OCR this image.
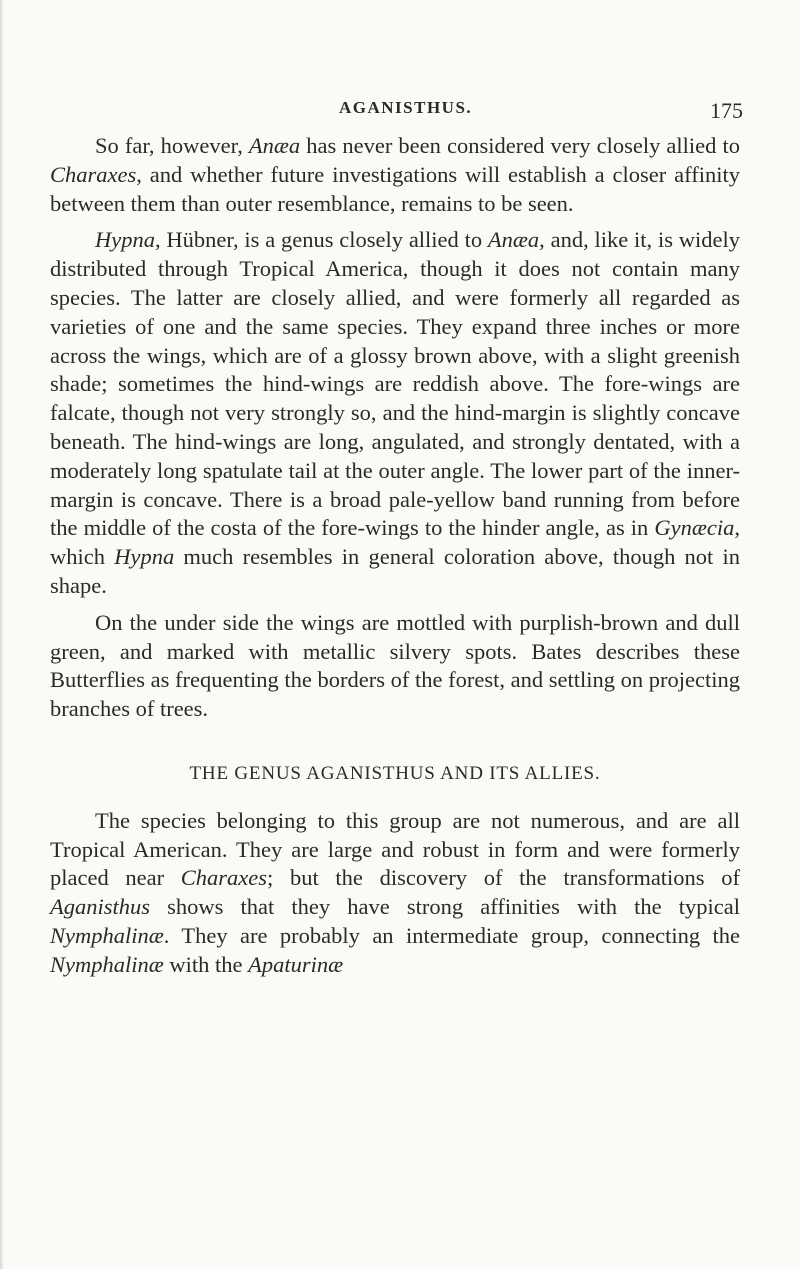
AGANISTHUS.	175

So far, however, Anæa has never been considered very closely allied to Charaxes, and whether future investigations will establish a closer affinity between them than outer resemblance, remains to be seen.

Hypna, Hübner, is a genus closely allied to Anæa, and, like it, is widely distributed through Tropical America, though it does not contain many species. The latter are closely allied, and were formerly all regarded as varieties of one and the same species. They expand three inches or more across the wings, which are of a glossy brown above, with a slight greenish shade; sometimes the hind-wings are reddish above. The fore-wings are falcate, though not very strongly so, and the hind-margin is slightly concave beneath. The hind-wings are long, angulated, and strongly dentated, with a moderately long spatulate tail at the outer angle. The lower part of the inner-margin is concave. There is a broad pale-yellow band running from before the middle of the costa of the fore-wings to the hinder angle, as in Gynæcia, which Hypna much resembles in general coloration above, though not in shape.

On the under side the wings are mottled with purplish-brown and dull green, and marked with metallic silvery spots. Bates describes these Butterflies as frequenting the borders of the forest, and settling on projecting branches of trees.

THE GENUS AGANISTHUS AND ITS ALLIES.

The species belonging to this group are not numerous, and are all Tropical American. They are large and robust in form and were formerly placed near Charaxes; but the discovery of the transformations of Aganisthus shows that they have strong affinities with the typical Nymphalinæ. They are probably an intermediate group, connecting the Nymphalinæ with the Apaturinæ
